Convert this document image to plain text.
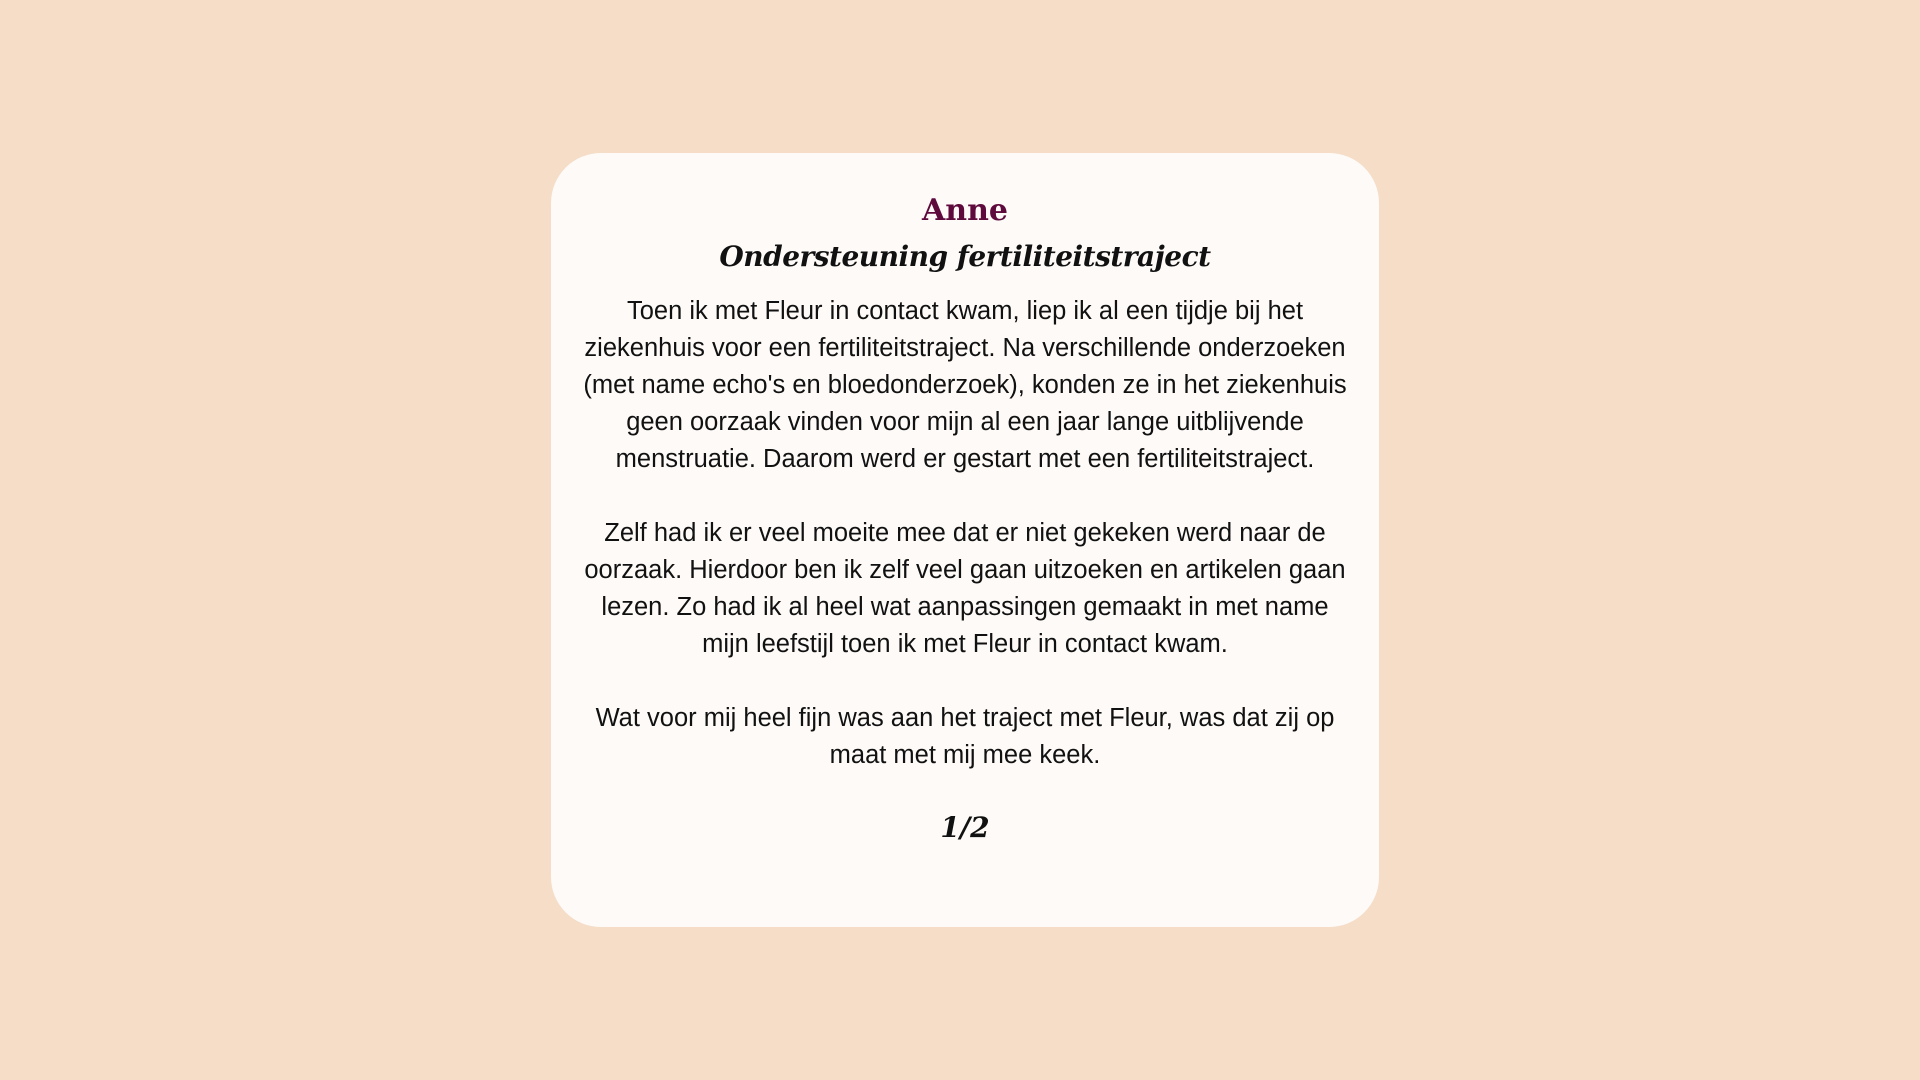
Anne
Ondersteuning fertiliteitstraject

Toen ik met Fleur in contact kwam, liep ik al een tijdje bij het ziekenhuis voor een fertiliteitstraject. Na verschillende onderzoeken (met name echo's en bloedonderzoek), konden ze in het ziekenhuis geen oorzaak vinden voor mijn al een jaar lange uitblijvende menstruatie. Daarom werd er gestart met een fertiliteitstraject.

Zelf had ik er veel moeite mee dat er niet gekeken werd naar de oorzaak. Hierdoor ben ik zelf veel gaan uitzoeken en artikelen gaan lezen. Zo had ik al heel wat aanpassingen gemaakt in met name mijn leefstijl toen ik met Fleur in contact kwam.

Wat voor mij heel fijn was aan het traject met Fleur, was dat zij op maat met mij mee keek.

1/2
